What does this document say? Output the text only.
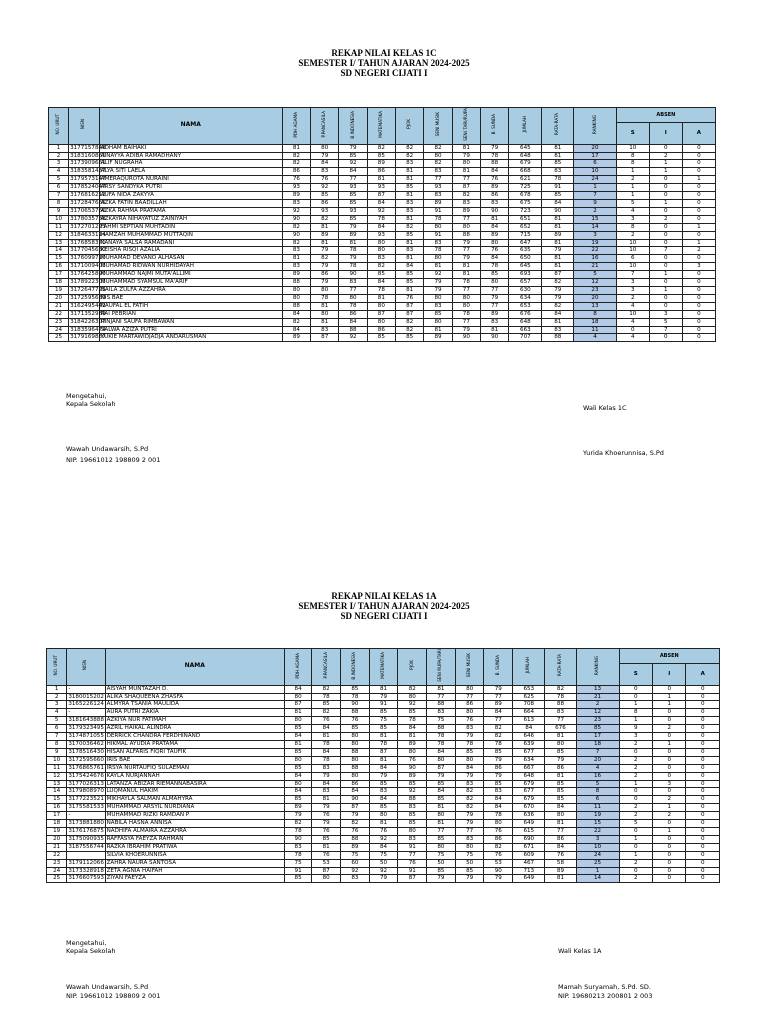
REKAP NILAI KELAS 1C
SEMESTER I/ TAHUN AJARAN 2024-2025
SD NEGERI CIJATI I
NO. URUT	NISN	NAMA	PDH AGAMA	P.PANCASILA	B.INDONESIA	MATEMATIKA	PJOK	SENI MUSIK	SENI TARI/RUPA	B. SUNDA	JUMLAH	RATA-RATA	RANKING	ABSEN		
														S	I	A
1	3177157848	ADHAM BAIHAKI	81	80	79	82	82	82	81	79	645	81	20	10	0	0
2	3183160861	AINAYYA ADIBA RAMADHANY	82	79	85	85	82	80	79	78	648	81	17	8	2	0
3	3173909661	ALIF NUGRAHA	82	84	92	89	83	82	80	88	679	85	6	8	1	0
4	3183581437	ALYA SITI LAELA	86	83	84	86	81	83	81	84	668	83	10	1	1	0
5	3179573147	AMERAQUROTA NURAINI	76	76	77	81	81	77	77	76	621	78	24	2	0	1
6	3178524047	ARSY SANDYKA PUTRI	93	92	93	93	85	93	87	89	725	91	1	1	0	0
7	3176816212	AUFA NIDA ZAKYYA	89	85	85	87	81	83	82	86	678	85	7	1	0	0
8	3172847665	AZKA FATIN BAADILLAH	83	86	85	84	83	89	83	83	675	84	9	5	1	0
9	3170653760	AZKA RAHMA PRATAMA	92	93	93	92	83	91	89	90	723	90	2	4	0	0
10	3178035738	AZKAYRA NIHAYATUZ ZAINIYAH	90	82	85	78	81	78	77	81	651	81	15	3	2	0
11	3172701223	FAHMI SEPTIAN MUHTADIN	82	81	79	84	82	80	80	84	652	81	14	8	0	1
12	3184633114	HAMZAH MUHAMMAD MUTTAQIN	90	89	89	93	85	91	88	89	715	89	3	2	0	0
13	3176858371	KANAYA SALSA RAMADANI	82	81	81	80	81	83	79	80	647	81	19	10	0	1
14	3177045630	KEISHA RISQI AZALIA	83	79	78	80	83	78	77	76	635	79	22	10	7	2
15	3176099710	MUHAMAD DEVANO ALHASAN	81	82	79	83	81	80	79	84	650	81	16	6	0	0
16	3171009403	MUHAMAD RIDWAN NURHIDAYAH	83	79	78	82	84	81	81	78	645	81	21	10	0	3
17	3176425890	MUHAMMAD NAJMI MUTA'ALLIMI	89	86	90	85	85	92	81	85	693	87	5	7	1	0
18	3178922303	MUHAMMAD SYAMSUL MA'ARIF	88	79	83	84	85	79	78	80	657	82	12	3	0	0
19	3172647725	NAILA ZULFA AZZAHRA	80	80	77	78	81	79	77	77	630	79	23	3	1	0
20	3172595680	NIS BAE	80	78	80	81	76	80	80	79	634	79	20	2	0	0
21	3162495442	NAUFAL EL FATIH	88	81	78	80	87	83	80	77	653	82	13	4	0	0
22	3171352989	RAI PEBRIAN	84	80	86	87	87	85	78	89	676	84	8	10	3	0
23	3184226307	RINJANI SAUFA RIMBAWAN	82	81	84	80	82	80	77	83	648	81	18	4	5	0
24	3183596474	SALWA AZIZA PUTRI	84	83	88	86	82	81	79	81	663	83	11	0	7	0
25	3179169887	YUKIE MARTAWIDJADJA ANDARUSMAN	89	87	92	85	85	89	90	90	707	88	4	4	0	0
Mengetahui,
Kepala Sekolah
Wawah Undawarsih, S.Pd
NIP. 19661012 198809 2 001
Wali Kelas 1C
Yurida Khoerunnisa, S.Pd
REKAP NILAI KELAS 1A
SEMESTER I/ TAHUN AJARAN 2024-2025
SD NEGERI CIJATI I
NO. URUT	NISN	NAMA	PDH AGAMA	P.PANCASILA	B.INDONESIA	MATEMATIKA	PJOK	SENI RUPA/TARI	SENI MUSIK	B. SUNDA	JUMLAH	RATA-RATA	RANKING	ABSEN		
														S	I	A
1	-	AISYAH MUNTAZAH D.	84	82	85	81	82	81	80	79	653	82	13	0	0	0
2	3180015202	ALIKA SHAQUEENA ZHASFA	80	78	78	79	80	77	77	77	625	78	21	0	1	0
3	3165226124	ALMYRA TSANIA MAULIDA	87	85	90	91	92	88	86	89	708	88	2	1	1	0
4	-	AURA PUTRI ZAKIA	81	82	88	85	85	83	80	84	664	83	12	8	0	0
5	3181643888	AZKIYA NUR FATIMAH	80	76	76	75	78	75	76	77	613	77	23	1	0	0
6	3179323495	AZRIL HAIKAL ALINDRA	85	84	85	85	84	88	83	82	84	676	85	9	2	0
7	3174871055	DERRICK CHANDRA FERDHINAND	84	81	80	81	81	78	79	82	646	81	17	3	0	0
8	3170036462	HIKMAL AYUDIA PRATAMA	81	78	80	78	89	78	78	78	639	80	18	2	1	0
9	3178516430	HISAN ALFARIS FIQRI TAUFIK	85	84	88	87	80	84	85	85	677	85	7	0	0	0
10	3172595660	IRIS BAE	80	78	80	81	76	80	80	79	634	79	20	2	0	0
11	3176865761	IRSYA NURTAUFIQ SULAEMAN	85	83	88	84	90	87	84	86	667	86	4	2	0	0
12	3175424676	KAYLA NURJANNAH	84	79	80	79	89	79	79	79	648	81	16	2	0	0
13	3177026313	LATANZA ABIZAR RIEMANNABASIRA	80	84	86	85	85	85	83	85	679	85	5	1	3	0
14	3179808970	LUQMANUL HAKIM	84	83	84	83	92	84	82	83	677	85	8	0	0	0
15	3177223521	MIKHAYLA SALMAN ALMAHYRA	85	81	90	84	88	85	82	84	679	85	6	0	2	0
16	3175581533	MUHAMMAD ARSYIL NURDIANA	89	79	87	85	83	81	82	84	670	84	11	2	1	0
17	-	MUHAMMAD RIZKI RAMDAN P	79	76	79	80	85	80	79	78	636	80	19	2	2	0
18	3173881880	NABILA HASNA ANNISA	82	79	82	81	85	81	79	80	649	81	15	5	0	0
19	3176176875	NADHIFA ALMAIRA AZZAHRA	78	76	76	76	80	77	77	76	615	77	22	0	1	0
20	3175090935	RAFFASYA FAEYZA RAHMAN	90	85	88	92	83	85	83	86	690	86	3	1	0	0
21	3187556744	RAZKA IBRAHIM PRATIWA	83	81	89	84	91	80	80	82	671	84	10	0	0	0
22		SILVIA KHOERUNNISA	78	76	75	75	77	75	75	76	609	76	24	1	0	0
23	3179112066	ZAHRA NAURA SANTOSA	75	53	60	50	76	50	50	53	467	58	25	2	0	0
24	3173328918	ZETA AGNIA HAIFAH	91	87	92	92	91	85	85	90	713	89	1	0	0	0
25	3176607593	ZIYAN FAEYZA	85	80	83	79	87	79	79	79	649	81	14	2	0	0
Mengetahui,
Kepala Sekolah
Wawah Undawarsih, S.Pd
NIP. 19661012 198809 2 001
Wali Kelas 1A
Mamah Suryamah, S.Pd. SD.
NIP. 19680213 200801 2 003
